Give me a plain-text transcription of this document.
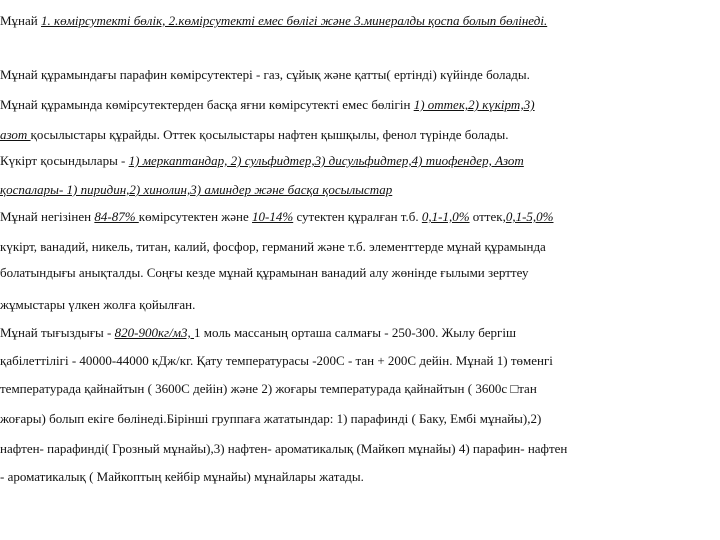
Мұнай 1. көмірсутекті бөлік, 2.көмірсутекті емес бөлігі және 3.минералды қоспа болып бөлінеді.
Мұнай құрамындағы парафин көмірсутектері - газ, сұйық және қатты( ертінді) күйінде болады.
Мұнай құрамында көмірсутектерден басқа яғни көмірсутекті емес бөлігін 1) оттек,2) күкірт,3)
азот қосылыстары құрайды. Оттек қосылыстары нафтен қышқылы, фенол түрінде болады.
Күкірт қосындылары - 1) меркаптандар, 2) сульфидтер,3) дисульфидтер,4) тиофендер, Азот
қоспалары- 1) пиридин,2) хинолин,3) аминдер және басқа қосылыстар
Мұнай негізінен 84-87% көмірсутектен және 10-14% сутектен құралған т.б. 0,1-1,0% оттек,0,1-5,0%
күкірт, ванадий, никель, титан, калий, фосфор, германий және т.б. элементтерде мұнай құрамында
болатындығы анықталды. Соңғы кезде мұнай құрамынан ванадий алу жөнінде ғылыми зерттеу
жұмыстары үлкен жолға қойылған.
Мұнай тығыздығы - 820-900кг/м3, 1 моль массаның орташа салмағы - 250-300. Жылу бергіш
қабілеттілігі - 40000-44000 кДж/кг. Қату температурасы -200С - тан + 200С дейін. Мұнай 1) төменгі
температурада қайнайтын ( 3600С дейін) және 2) жоғары температурада қайнайтын ( 3600с □тан
жоғары) болып екіге бөлінеді.Бірінші группаға жататындар: 1) парафинді ( Баку, Ембі мұнайы),2)
нафтен- парафинді( Грозный мұнайы),3) нафтен- ароматикалық (Майкөп мұнайы) 4) парафин- нафтен
- ароматикалық ( Майкоптың кейбір мұнайы) мұнайлары жатады.
